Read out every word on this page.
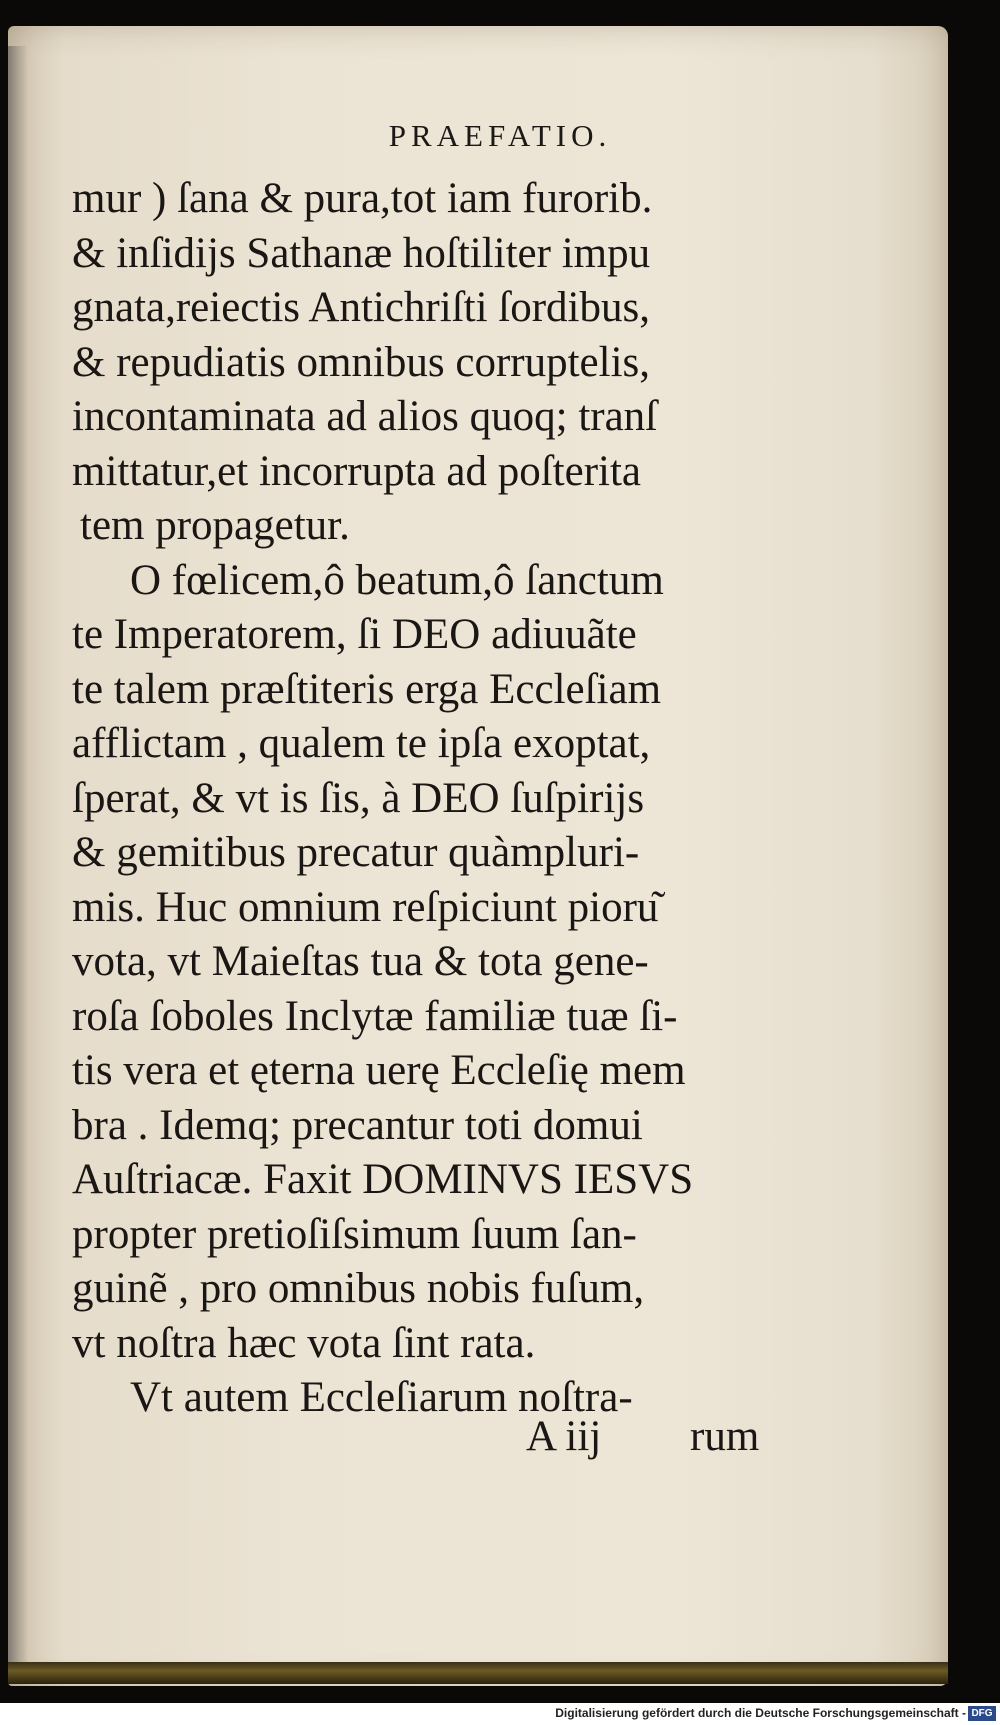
PRAEFATIO.
mur ) ſana & pura,tot iam furorib.
& inſidijs Sathanæ hoſtiliter impu
gnata,reiectis Antichriſti ſordibus,
& repudiatis omnibus corruptelis,
incontaminata ad alios quoq; tranſ
mittatur,et incorrupta ad poſterita
tem propagetur.
O fœlicem,ô beatum,ô ſanctum
te Imperatorem, ſi DEO adiuuãte
te talem præſtiteris erga Eccleſiam
afflictam , qualem te ipſa exoptat,
ſperat, & vt is ſis, à DEO ſuſpirijs
& gemitibus precatur quàmpluri-
mis. Huc omnium reſpiciunt pioru͂
vota, vt Maieſtas tua & tota gene-
roſa ſoboles Inclytæ familiæ tuæ ſi-
tis vera et ęterna uerę Eccleſię mem
bra . Idemq; precantur toti domui
Auſtriacæ. Faxit DOMINVS IESVS
propter pretioſiſsimum ſuum ſan-
guinẽ , pro omnibus nobis fuſum,
vt noſtra hæc vota ſint rata.
Vt autem Eccleſiarum noſtra-
A iij rum
Digitalisierung gefördert durch die Deutsche Forschungsgemeinschaft - DFG
